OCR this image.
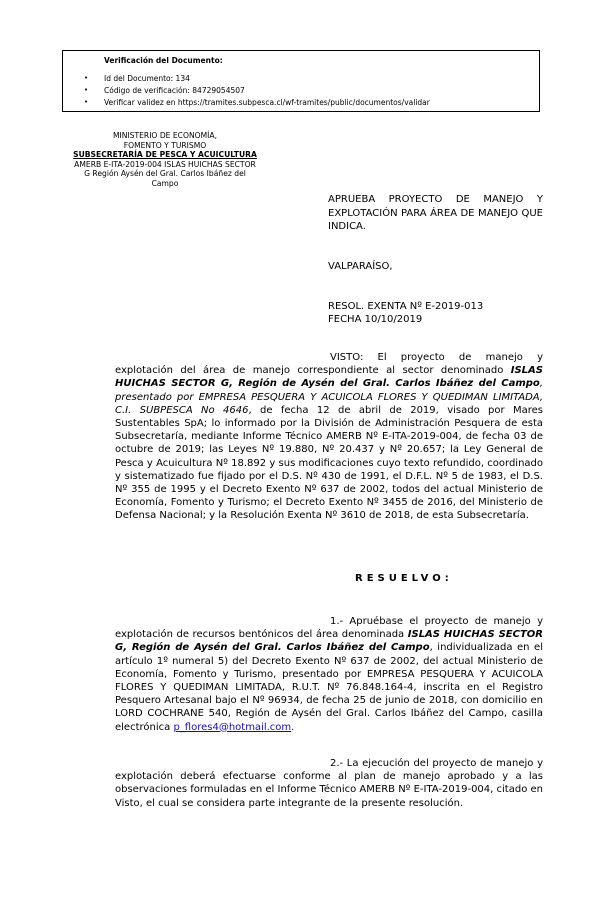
Verificación del Documento:
• Id del Documento: 134
• Código de verificación: 84729054507
• Verificar validez en https://tramites.subpesca.cl/wf-tramites/public/documentos/validar
MINISTERIO DE ECONOMÍA,
FOMENTO Y TURISMO
SUBSECRETARÍA DE PESCA Y ACUICULTURA
AMERB E-ITA-2019-004 ISLAS HUICHAS SECTOR
G Región Aysén del Gral. Carlos Ibáñez del
Campo
APRUEBA PROYECTO DE MANEJO Y EXPLOTACIÓN PARA ÁREA DE MANEJO QUE INDICA.
VALPARAÍSO,
RESOL. EXENTA Nº E-2019-013
FECHA 10/10/2019
VISTO: El proyecto de manejo y explotación del área de manejo correspondiente al sector denominado ISLAS HUICHAS SECTOR G, Región de Aysén del Gral. Carlos Ibáñez del Campo, presentado por EMPRESA PESQUERA Y ACUICOLA FLORES Y QUEDIMAN LIMITADA, C.I. SUBPESCA No 4646, de fecha 12 de abril de 2019, visado por Mares Sustentables SpA; lo informado por la División de Administración Pesquera de esta Subsecretaría, mediante Informe Técnico AMERB Nº E-ITA-2019-004, de fecha 03 de octubre de 2019; las Leyes Nº 19.880, Nº 20.437 y Nº 20.657; la Ley General de Pesca y Acuicultura Nº 18.892 y sus modificaciones cuyo texto refundido, coordinado y sistematizado fue fijado por el D.S. Nº 430 de 1991, el D.F.L. Nº 5 de 1983, el D.S. Nº 355 de 1995 y el Decreto Exento Nº 637 de 2002, todos del actual Ministerio de Economía, Fomento y Turismo; el Decreto Exento Nº 3455 de 2016, del Ministerio de Defensa Nacional; y la Resolución Exenta Nº 3610 de 2018, de esta Subsecretaría.
RESUELVO:
1.- Apruébase el proyecto de manejo y explotación de recursos bentónicos del área denominada ISLAS HUICHAS SECTOR G, Región de Aysén del Gral. Carlos Ibáñez del Campo, individualizada en el artículo 1º numeral 5) del Decreto Exento Nº 637 de 2002, del actual Ministerio de Economía, Fomento y Turismo, presentado por EMPRESA PESQUERA Y ACUICOLA FLORES Y QUEDIMAN LIMITADA, R.U.T. Nº 76.848.164-4, inscrita en el Registro Pesquero Artesanal bajo el Nº 96934, de fecha 25 de junio de 2018, con domicilio en LORD COCHRANE 540, Región de Aysén del Gral. Carlos Ibáñez del Campo, casilla electrónica p_flores4@hotmail.com.
2.- La ejecución del proyecto de manejo y explotación deberá efectuarse conforme al plan de manejo aprobado y a las observaciones formuladas en el Informe Técnico AMERB Nº E-ITA-2019-004, citado en Visto, el cual se considera parte integrante de la presente resolución.
